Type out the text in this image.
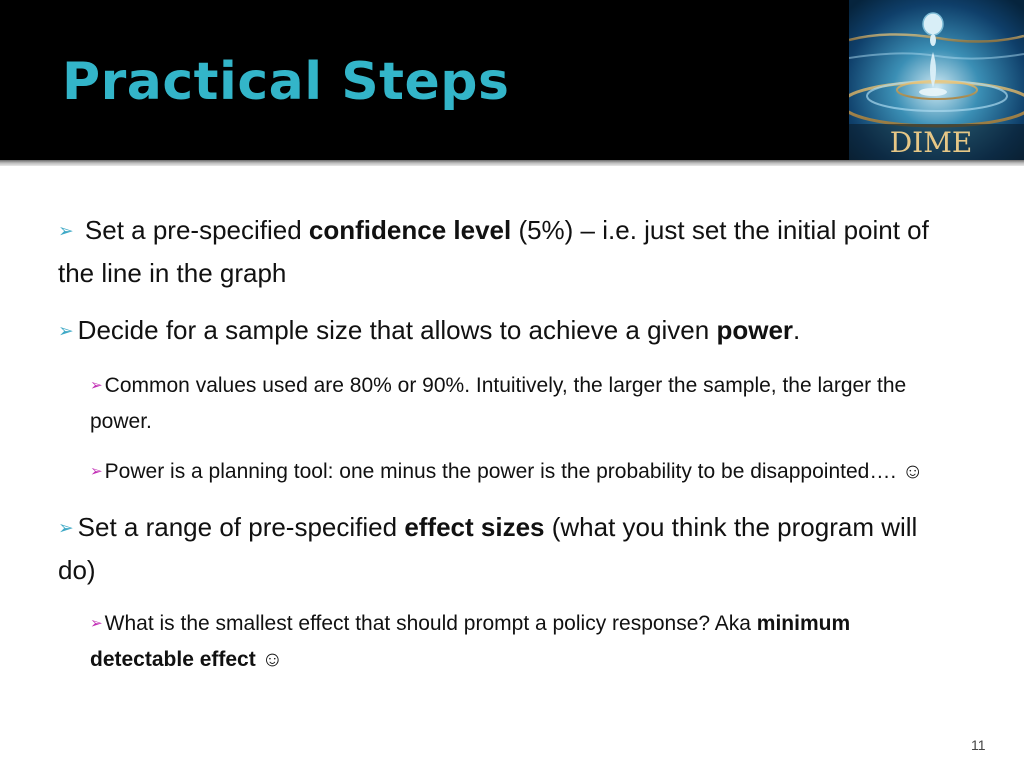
Practical Steps
DIME
➢ Set a pre-specified confidence level (5%) – i.e. just set the initial point of the line in the graph
➢ Decide for a sample size that allows to achieve a given power.
➢Common values used are 80% or 90%. Intuitively, the larger the sample, the larger the power.
➢Power is a planning tool: one minus the power is the probability to be disappointed…. ☺
➢ Set a range of pre-specified effect sizes (what you think the program will do)
➢What is the smallest effect that should prompt a policy response? Aka minimum detectable effect ☺
11
